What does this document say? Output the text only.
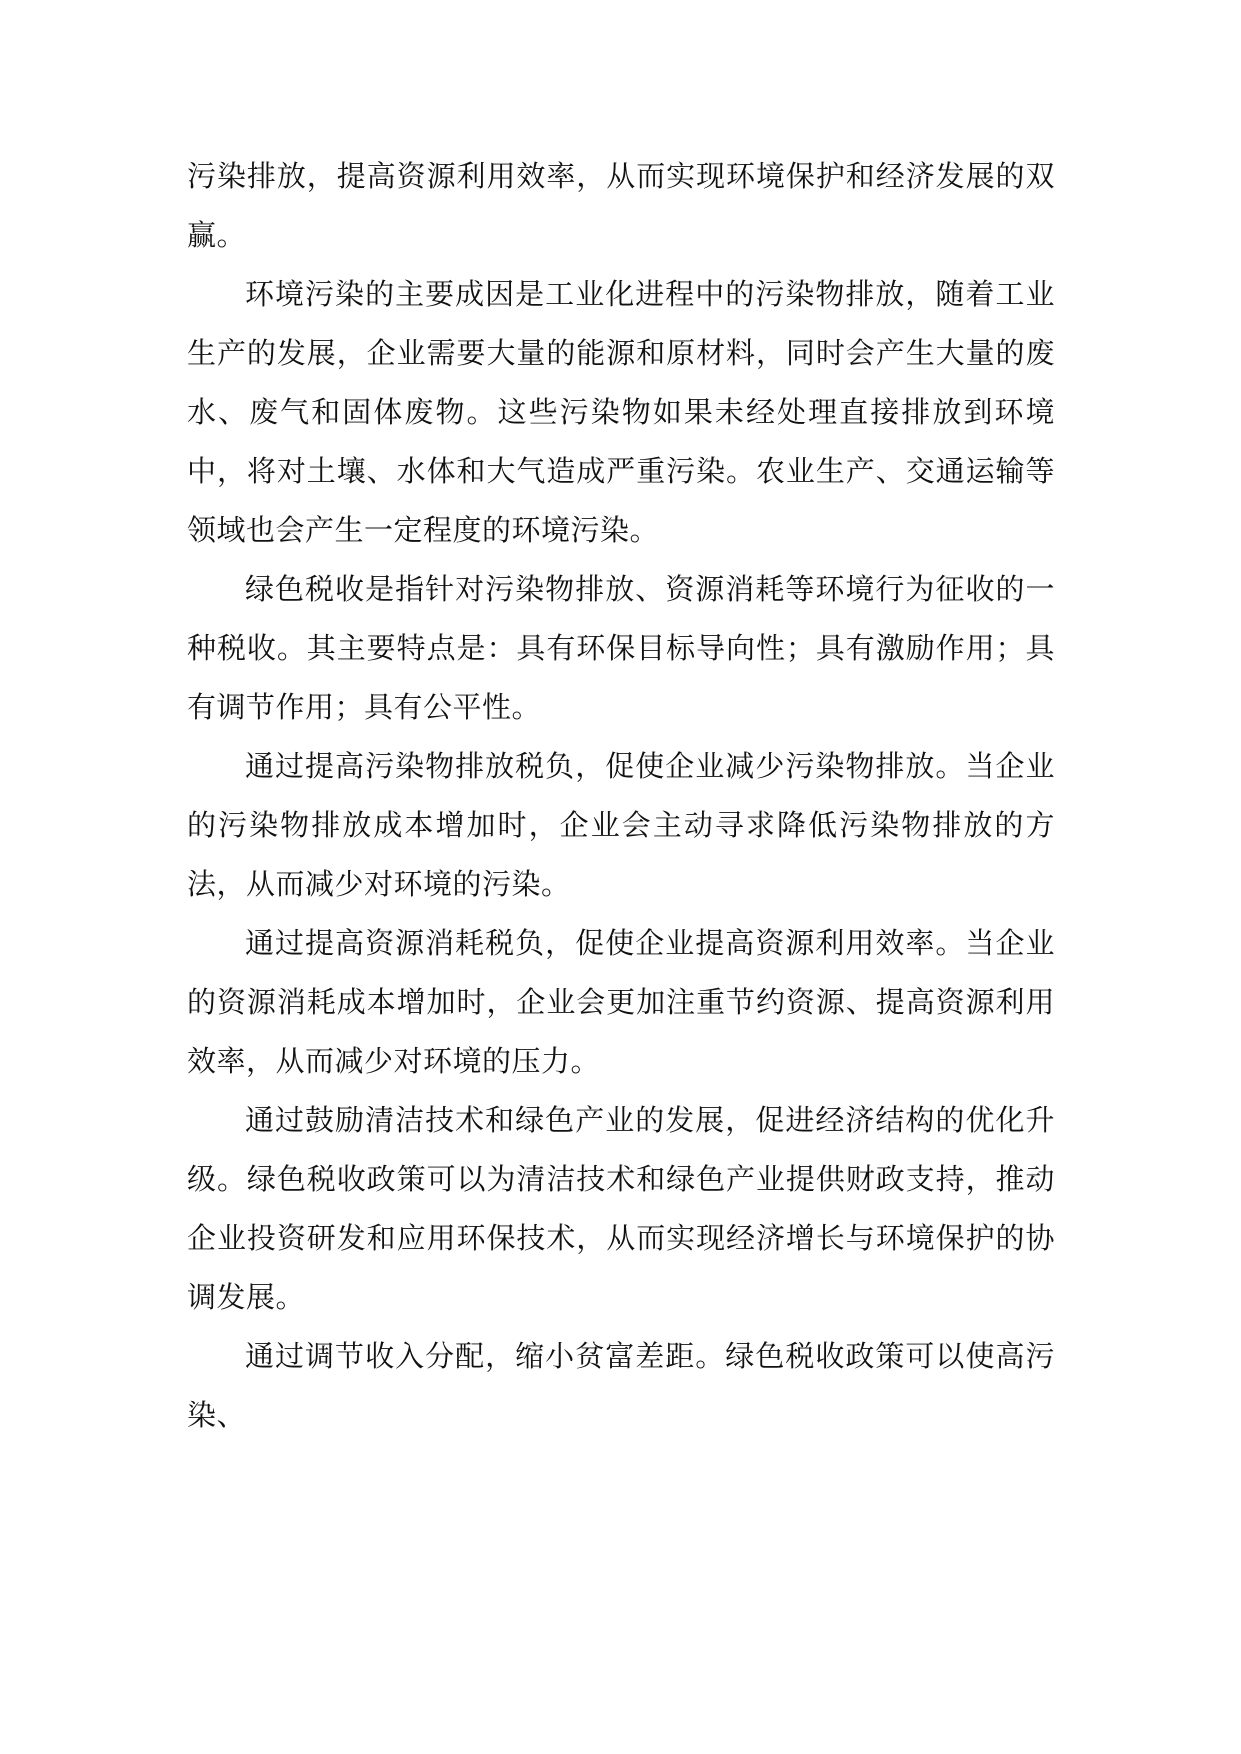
污染排放，提高资源利用效率，从而实现环境保护和经济发展的双赢。

环境污染的主要成因是工业化进程中的污染物排放，随着工业生产的发展，企业需要大量的能源和原材料，同时会产生大量的废水、废气和固体废物。这些污染物如果未经处理直接排放到环境中，将对土壤、水体和大气造成严重污染。农业生产、交通运输等领域也会产生一定程度的环境污染。

绿色税收是指针对污染物排放、资源消耗等环境行为征收的一种税收。其主要特点是：具有环保目标导向性；具有激励作用；具有调节作用；具有公平性。

通过提高污染物排放税负，促使企业减少污染物排放。当企业的污染物排放成本增加时，企业会主动寻求降低污染物排放的方法，从而减少对环境的污染。

通过提高资源消耗税负，促使企业提高资源利用效率。当企业的资源消耗成本增加时，企业会更加注重节约资源、提高资源利用效率，从而减少对环境的压力。

通过鼓励清洁技术和绿色产业的发展，促进经济结构的优化升级。绿色税收政策可以为清洁技术和绿色产业提供财政支持，推动企业投资研发和应用环保技术，从而实现经济增长与环境保护的协调发展。

通过调节收入分配，缩小贫富差距。绿色税收政策可以使高污染、
